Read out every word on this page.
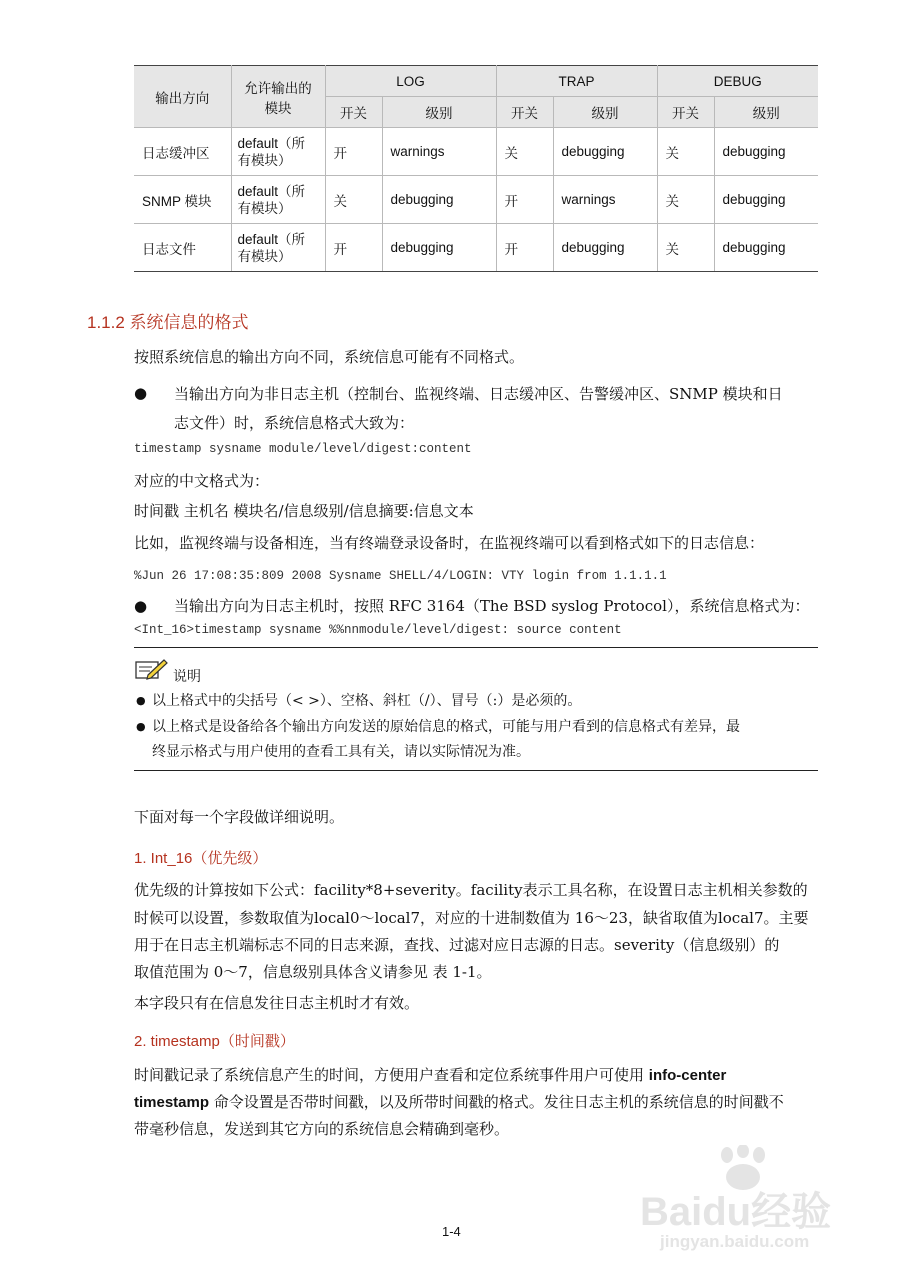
输出方向	允许输出的模块	LOG		TRAP		DEBUG	
		开关	级别	开关	级别	开关	级别
日志缓冲区	default（所有模块）	开	warnings	关	debugging	关	debugging
SNMP 模块	default（所有模块）	关	debugging	开	warnings	关	debugging
日志文件	default（所有模块）	开	debugging	开	debugging	关	debugging
1.1.2 系统信息的格式
按照系统信息的输出方向不同，系统信息可能有不同格式。
● 当输出方向为非日志主机（控制台、监视终端、日志缓冲区、告警缓冲区、SNMP 模块和日
志文件）时，系统信息格式大致为：
timestamp sysname module/level/digest:content
对应的中文格式为：
时间戳 主机名 模块名/信息级别/信息摘要:信息文本
比如，监视终端与设备相连，当有终端登录设备时，在监视终端可以看到格式如下的日志信息：
%Jun 26 17:08:35:809 2008 Sysname SHELL/4/LOGIN: VTY login from 1.1.1.1
● 当输出方向为日志主机时，按照 RFC 3164（The BSD syslog Protocol），系统信息格式为：
<Int_16>timestamp sysname %%nnmodule/level/digest: source content
说明
● 以上格式中的尖括号（< >）、空格、斜杠（/）、冒号（:）是必须的。
● 以上格式是设备给各个输出方向发送的原始信息的格式，可能与用户看到的信息格式有差异，最
终显示格式与用户使用的查看工具有关，请以实际情况为准。
下面对每一个字段做详细说明。
1. Int_16（优先级）
优先级的计算按如下公式：facility*8+severity。facility表示工具名称，在设置日志主机相关参数的
时候可以设置，参数取值为local0～local7，对应的十进制数值为 16～23，缺省取值为local7。主要
用于在日志主机端标志不同的日志来源，查找、过滤对应日志源的日志。severity（信息级别）的
取值范围为 0～7，信息级别具体含义请参见 表 1-1。
本字段只有在信息发往日志主机时才有效。
2. timestamp（时间戳）
时间戳记录了系统信息产生的时间，方便用户查看和定位系统事件用户可使用 info-center
timestamp 命令设置是否带时间戳，以及所带时间戳的格式。发往日志主机的系统信息的时间戳不
带毫秒信息，发送到其它方向的系统信息会精确到毫秒。
1-4	Baidu经验
jingyan.baidu.com
